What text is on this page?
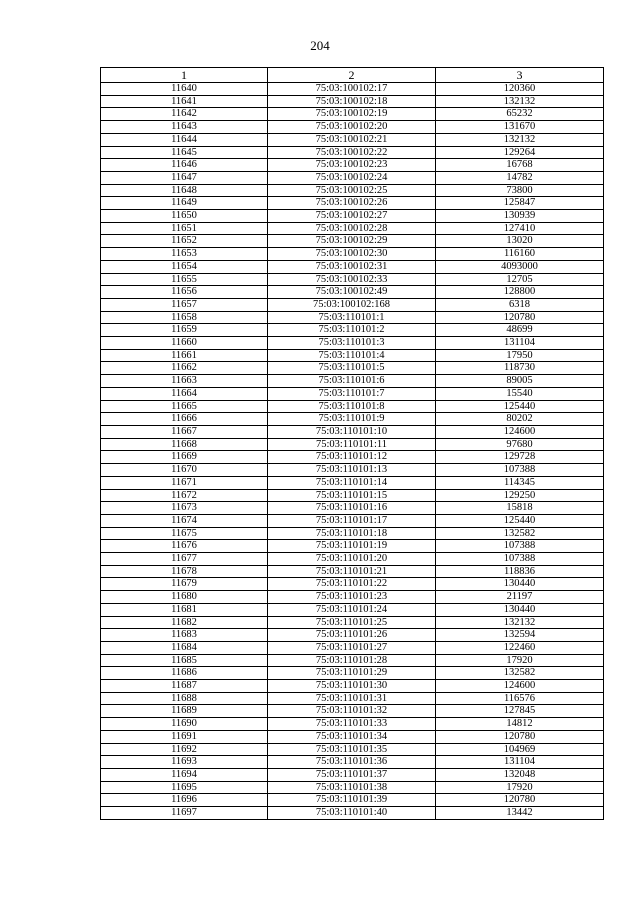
204
1	2	3
11640	75:03:100102:17	120360
11641	75:03:100102:18	132132
11642	75:03:100102:19	65232
11643	75:03:100102:20	131670
11644	75:03:100102:21	132132
11645	75:03:100102:22	129264
11646	75:03:100102:23	16768
11647	75:03:100102:24	14782
11648	75:03:100102:25	73800
11649	75:03:100102:26	125847
11650	75:03:100102:27	130939
11651	75:03:100102:28	127410
11652	75:03:100102:29	13020
11653	75:03:100102:30	116160
11654	75:03:100102:31	4093000
11655	75:03:100102:33	12705
11656	75:03:100102:49	128800
11657	75:03:100102:168	6318
11658	75:03:110101:1	120780
11659	75:03:110101:2	48699
11660	75:03:110101:3	131104
11661	75:03:110101:4	17950
11662	75:03:110101:5	118730
11663	75:03:110101:6	89005
11664	75:03:110101:7	15540
11665	75:03:110101:8	125440
11666	75:03:110101:9	80202
11667	75:03:110101:10	124600
11668	75:03:110101:11	97680
11669	75:03:110101:12	129728
11670	75:03:110101:13	107388
11671	75:03:110101:14	114345
11672	75:03:110101:15	129250
11673	75:03:110101:16	15818
11674	75:03:110101:17	125440
11675	75:03:110101:18	132582
11676	75:03:110101:19	107388
11677	75:03:110101:20	107388
11678	75:03:110101:21	118836
11679	75:03:110101:22	130440
11680	75:03:110101:23	21197
11681	75:03:110101:24	130440
11682	75:03:110101:25	132132
11683	75:03:110101:26	132594
11684	75:03:110101:27	122460
11685	75:03:110101:28	17920
11686	75:03:110101:29	132582
11687	75:03:110101:30	124600
11688	75:03:110101:31	116576
11689	75:03:110101:32	127845
11690	75:03:110101:33	14812
11691	75:03:110101:34	120780
11692	75:03:110101:35	104969
11693	75:03:110101:36	131104
11694	75:03:110101:37	132048
11695	75:03:110101:38	17920
11696	75:03:110101:39	120780
11697	75:03:110101:40	13442
